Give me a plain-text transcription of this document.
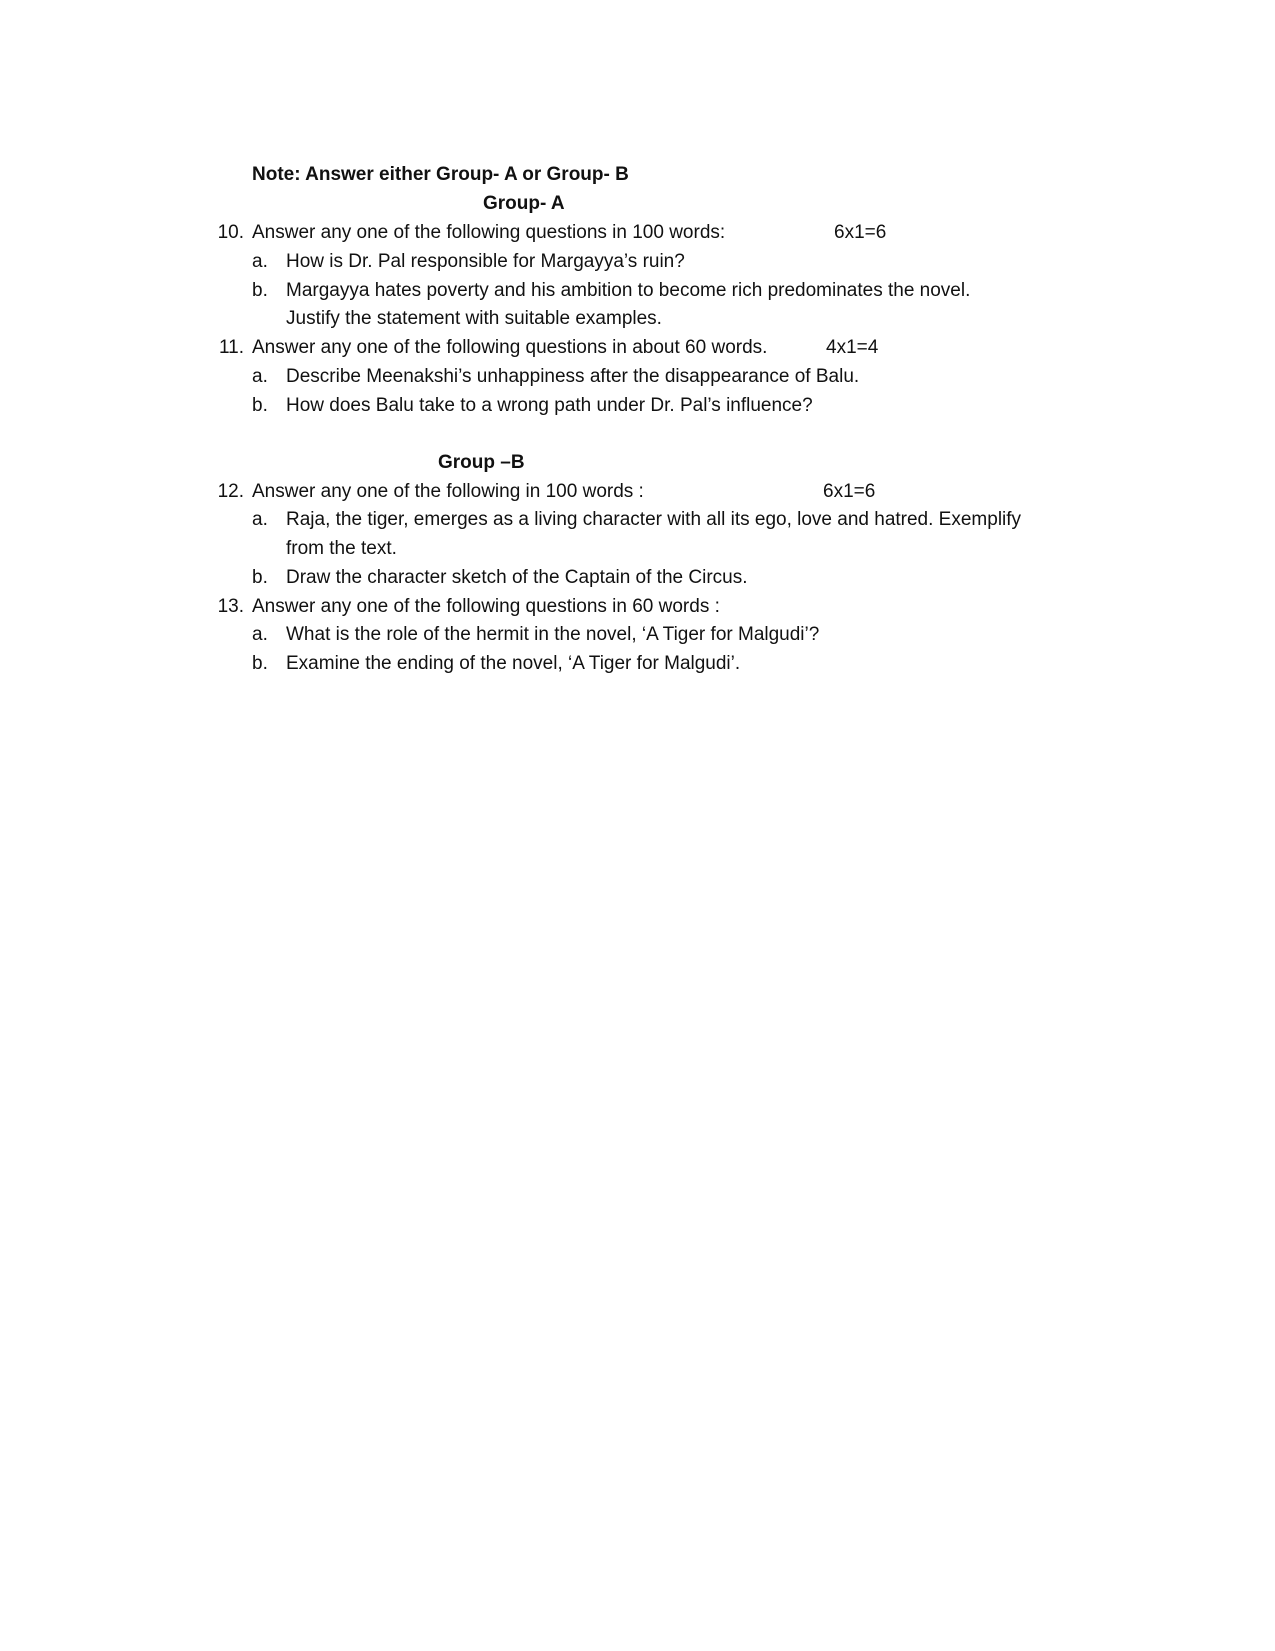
Note: Answer either Group- A or Group- B
Group- A
10. Answer any one of the following questions in 100 words:	6x1=6
a. How is Dr. Pal responsible for Margayya’s ruin?
b. Margayya hates poverty and his ambition to become rich predominates the novel.
Justify the statement with suitable examples.
11. Answer any one of the following questions in about 60 words.	4x1=4
a. Describe Meenakshi’s unhappiness after the disappearance of Balu.
b. How does Balu take to a wrong path under Dr. Pal’s influence?
Group –B
12. Answer any one of the following in 100 words :	6x1=6
a. Raja, the tiger, emerges as a living character with all its ego, love and hatred. Exemplify
from the text.
b. Draw the character sketch of the Captain of the Circus.
13. Answer any one of the following questions in 60 words :
a. What is the role of the hermit in the novel, ‘A Tiger for Malgudi’?
b. Examine the ending of the novel, ‘A Tiger for Malgudi’.
